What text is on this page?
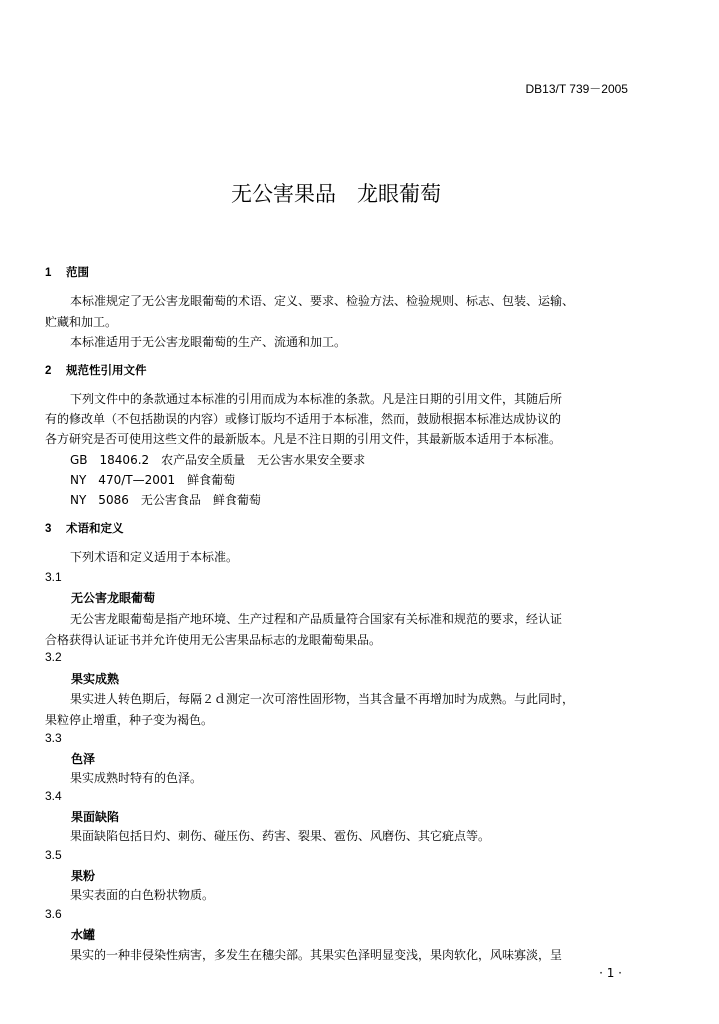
DB13/T 739－2005
无公害果品　龙眼葡萄
1 范围
本标准规定了无公害龙眼葡萄的术语、定义、要求、检验方法、检验规则、标志、包装、运输、
贮藏和加工。
本标准适用于无公害龙眼葡萄的生产、流通和加工。
2 规范性引用文件
下列文件中的条款通过本标准的引用而成为本标准的条款。凡是注日期的引用文件，其随后所
有的修改单（不包括勘误的内容）或修订版均不适用于本标准，然而，鼓励根据本标准达成协议的
各方研究是否可使用这些文件的最新版本。凡是不注日期的引用文件，其最新版本适用于本标准。
GB　18406.2　农产品安全质量　无公害水果安全要求
NY　470/T—2001　鲜食葡萄
NY　5086　无公害食品　鲜食葡萄
3 术语和定义
下列术语和定义适用于本标准。
3.1
无公害龙眼葡萄
无公害龙眼葡萄是指产地环境、生产过程和产品质量符合国家有关标准和规范的要求，经认证
合格获得认证证书并允许使用无公害果品标志的龙眼葡萄果品。
3.2
果实成熟
果实进人转色期后，每隔２ｄ测定一次可溶性固形物，当其含量不再增加时为成熟。与此同时，
果粒停止增重，种子变为褐色。
3.3
色泽
果实成熟时特有的色泽。
3.4
果面缺陷
果面缺陷包括日灼、刺伤、碰压伤、药害、裂果、雹伤、风磨伤、其它疵点等。
3.5
果粉
果实表面的白色粉状物质。
3.6
水罐
果实的一种非侵染性病害，多发生在穗尖部。其果实色泽明显变浅，果肉软化，风味寡淡，呈
· 1 ·
